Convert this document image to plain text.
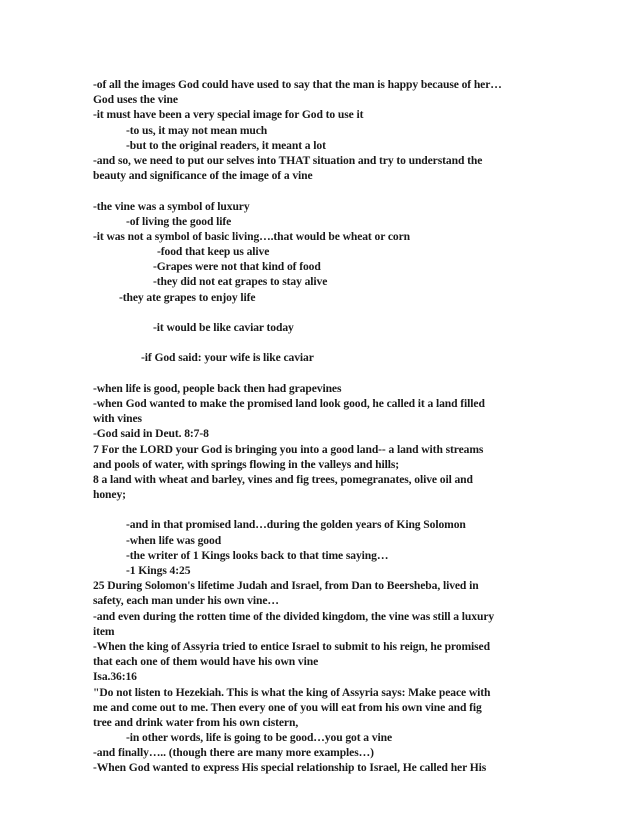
-of all the images God could have used to say that the man is happy because of her…
God uses the vine
-it must have been a very special image for God to use it
-to us, it may not mean much
-but to the original readers, it meant a lot
-and so, we need to put our selves into THAT situation and try to understand the
beauty and significance of the image of a vine
-the vine was a symbol of luxury
-of living the good life
-it was not a symbol of basic living….that would be wheat or corn
-food that keep us alive
-Grapes were not that kind of food
-they did not eat grapes to stay alive
-they ate grapes to enjoy life
-it would be like caviar today
-if God said: your wife is like caviar
-when life is good, people back then had grapevines
-when God wanted to make the promised land look good, he called it a land filled
with vines
-God said in Deut. 8:7-8
7 For the LORD your God is bringing you into a good land-- a land with streams
and pools of water, with springs flowing in the valleys and hills;
8 a land with wheat and barley, vines and fig trees, pomegranates, olive oil and
honey;
-and in that promised land…during the golden years of King Solomon
-when life was good
-the writer of 1 Kings looks back to that time saying…
-1 Kings 4:25
25 During Solomon's lifetime Judah and Israel, from Dan to Beersheba, lived in
safety, each man under his own vine…
-and even during the rotten time of the divided kingdom, the vine was still a luxury
item
-When the king of Assyria tried to entice Israel to submit to his reign, he promised
that each one of them would have his own vine
Isa.36:16
"Do not listen to Hezekiah. This is what the king of Assyria says: Make peace with
me and come out to me. Then every one of you will eat from his own vine and fig
tree and drink water from his own cistern,
-in other words, life is going to be good…you got a vine
-and finally….. (though there are many more examples…)
-When God wanted to express His special relationship to Israel, He called her His
